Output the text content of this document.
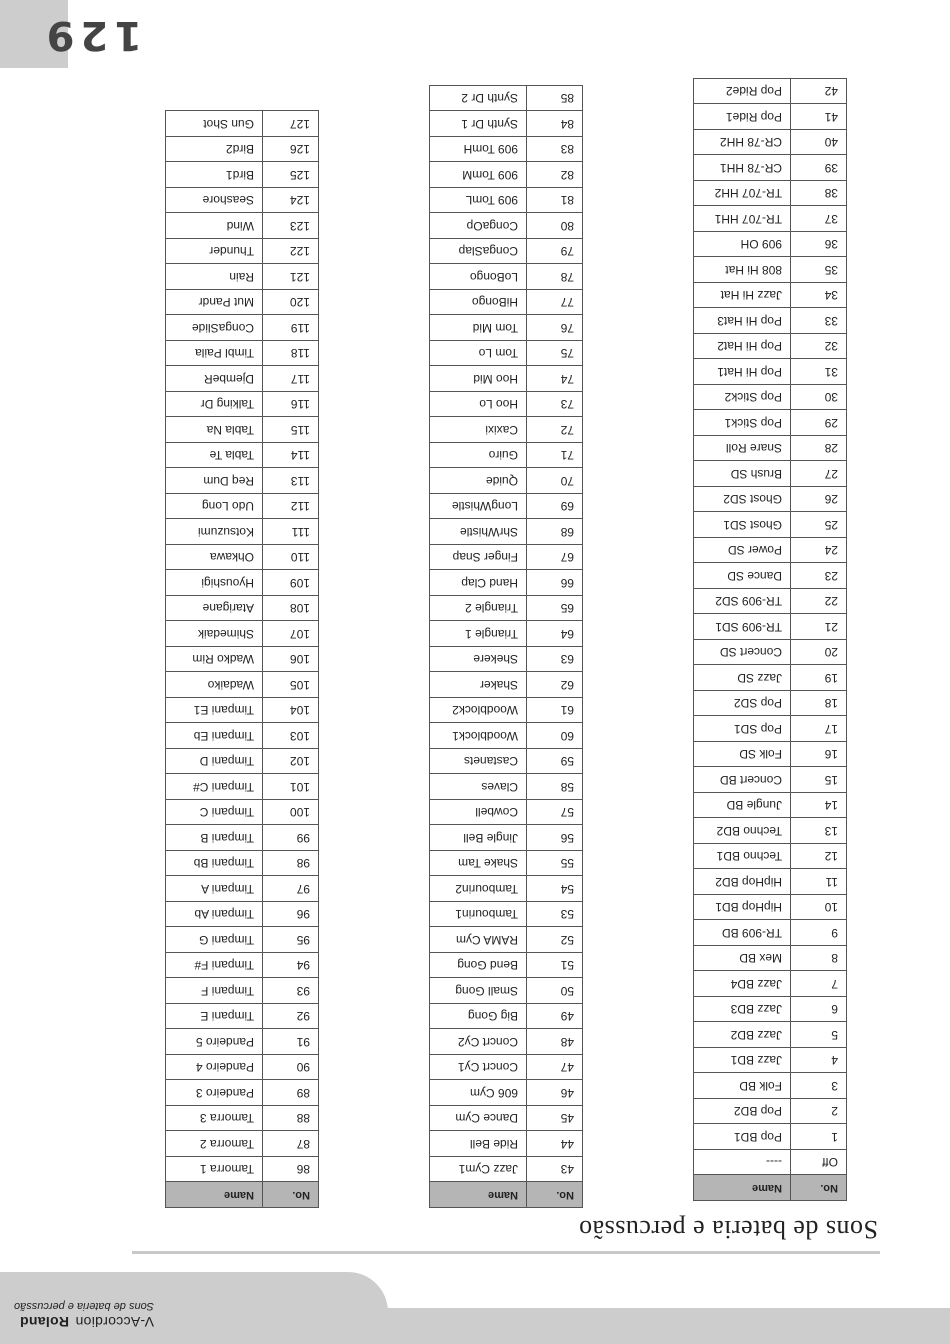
V-Accordion Roland
Sons de bateria e percussão
Sons de bateria e percussão
No.	Name
Off	----
1	Pop BD1
2	Pop BD2
3	Folk BD
4	Jazz BD1
5	Jazz BD2
6	Jazz BD3
7	Jazz BD4
8	Mex BD
9	TR-909 BD
10	HipHop BD1
11	HipHop BD2
12	Techno BD1
13	Techno BD2
14	Jungle BD
15	Concert BD
16	Folk SD
17	Pop SD1
18	Pop SD2
19	Jazz SD
20	Concert SD
21	TR-909 SD1
22	TR-909 SD2
23	Dance SD
24	Power SD
25	Ghost SD1
26	Ghost SD2
27	Brush SD
28	Snare Roll
29	Pop Stick1
30	Pop Stick2
31	Pop Hi Hat1
32	Pop Hi Hat2
33	Pop Hi Hat3
34	Jazz Hi Hat
35	808 Hi Hat
36	909 OH
37	TR-707 HH1
38	TR-707 HH2
39	CR-78 HH1
40	CR-78 HH2
41	Pop Ride1
42	Pop Ride2
No.	Name
43	Jazz Cym1
44	Ride Bell
45	Dance Cym
46	606 Cym
47	Concrt Cy1
48	Concrt Cy2
49	Big Gong
50	Small Gong
51	Bend Gong
52	RAMA Cym
53	Tambourin1
54	Tambourin2
55	Shake Tam
56	Jingle Bell
57	Cowbell
58	Claves
59	Castanets
60	Woodblock1
61	Woodblock2
62	Shaker
63	Shekere
64	Triangle 1
65	Triangle 2
66	Hand Clap
67	Finger Snap
68	ShrWhistle
69	LongWhistle
70	Quide
71	Guiro
72	Caxixi
73	Hoo Lo
74	Hoo Mid
75	Tom Lo
76	Tom Mid
77	HiBongo
78	LoBongo
79	CongaSlap
80	CongaOp
81	909 TomL
82	909 TomM
83	909 TomH
84	Synth Dr 1
85	Synth Dr 2
No.	Name
86	Tamorra 1
87	Tamorra 2
88	Tamorra 3
89	Pandeiro 3
90	Pandeiro 4
91	Pandeiro 5
92	Timpani E
93	Timpani F
94	Timpani F#
95	Timpani G
96	Timpani Ab
97	Timpani A
98	Timpani Bb
99	Timpani B
100	Timpani C
101	Timpani C#
102	Timpani D
103	Timpani Eb
104	Timpani E1
105	Wadaiko
106	Wadko Rim
107	Shimedaik
108	Atarigane
109	Hyoushigi
110	Ohkawa
111	Kotsuzumi
112	Udo Long
113	Req Dum
114	Tabla Te
115	Tabla Na
116	Talking Dr
117	DjembeR
118	Timbl Paila
119	CongaSlide
120	Mut Pandr
121	Rain
122	Thunder
123	Wind
124	Seashore
125	Bird1
126	Bird2
127	Gun Shot
129
